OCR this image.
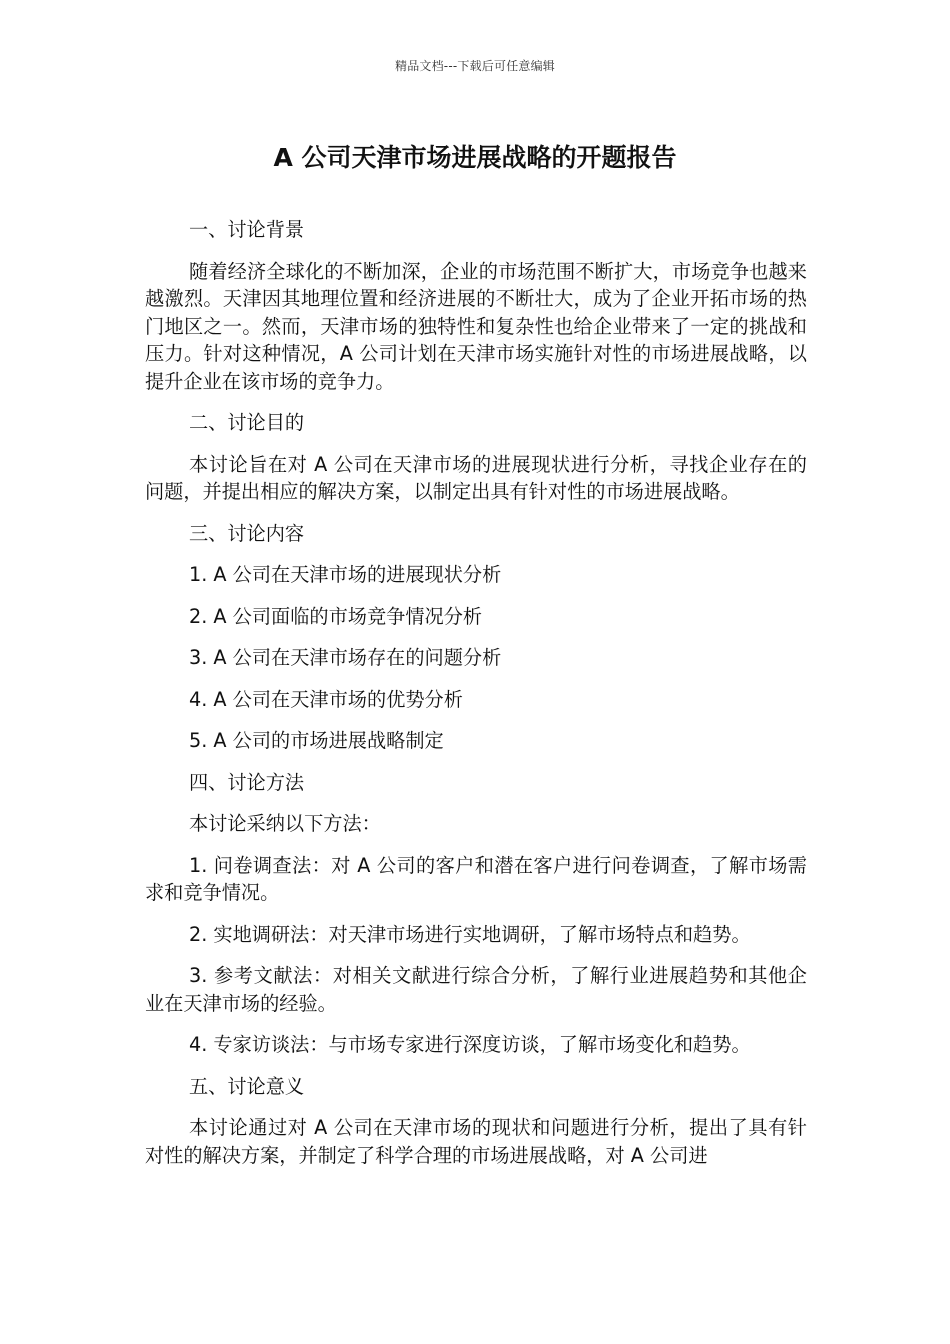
精品文档---下载后可任意编辑
A 公司天津市场进展战略的开题报告

一、讨论背景

随着经济全球化的不断加深，企业的市场范围不断扩大，市场竞争也越来越激烈。天津因其地理位置和经济进展的不断壮大，成为了企业开拓市场的热门地区之一。然而，天津市场的独特性和复杂性也给企业带来了一定的挑战和压力。针对这种情况，A 公司计划在天津市场实施针对性的市场进展战略，以提升企业在该市场的竞争力。

二、讨论目的

本讨论旨在对 A 公司在天津市场的进展现状进行分析，寻找企业存在的问题，并提出相应的解决方案，以制定出具有针对性的市场进展战略。

三、讨论内容

1. A 公司在天津市场的进展现状分析

2. A 公司面临的市场竞争情况分析

3. A 公司在天津市场存在的问题分析

4. A 公司在天津市场的优势分析

5. A 公司的市场进展战略制定

四、讨论方法

本讨论采纳以下方法：

1. 问卷调查法：对 A 公司的客户和潜在客户进行问卷调查，了解市场需求和竞争情况。

2. 实地调研法：对天津市场进行实地调研，了解市场特点和趋势。

3. 参考文献法：对相关文献进行综合分析，了解行业进展趋势和其他企业在天津市场的经验。

4. 专家访谈法：与市场专家进行深度访谈，了解市场变化和趋势。

五、讨论意义

本讨论通过对 A 公司在天津市场的现状和问题进行分析，提出了具有针对性的解决方案，并制定了科学合理的市场进展战略，对 A 公司进
